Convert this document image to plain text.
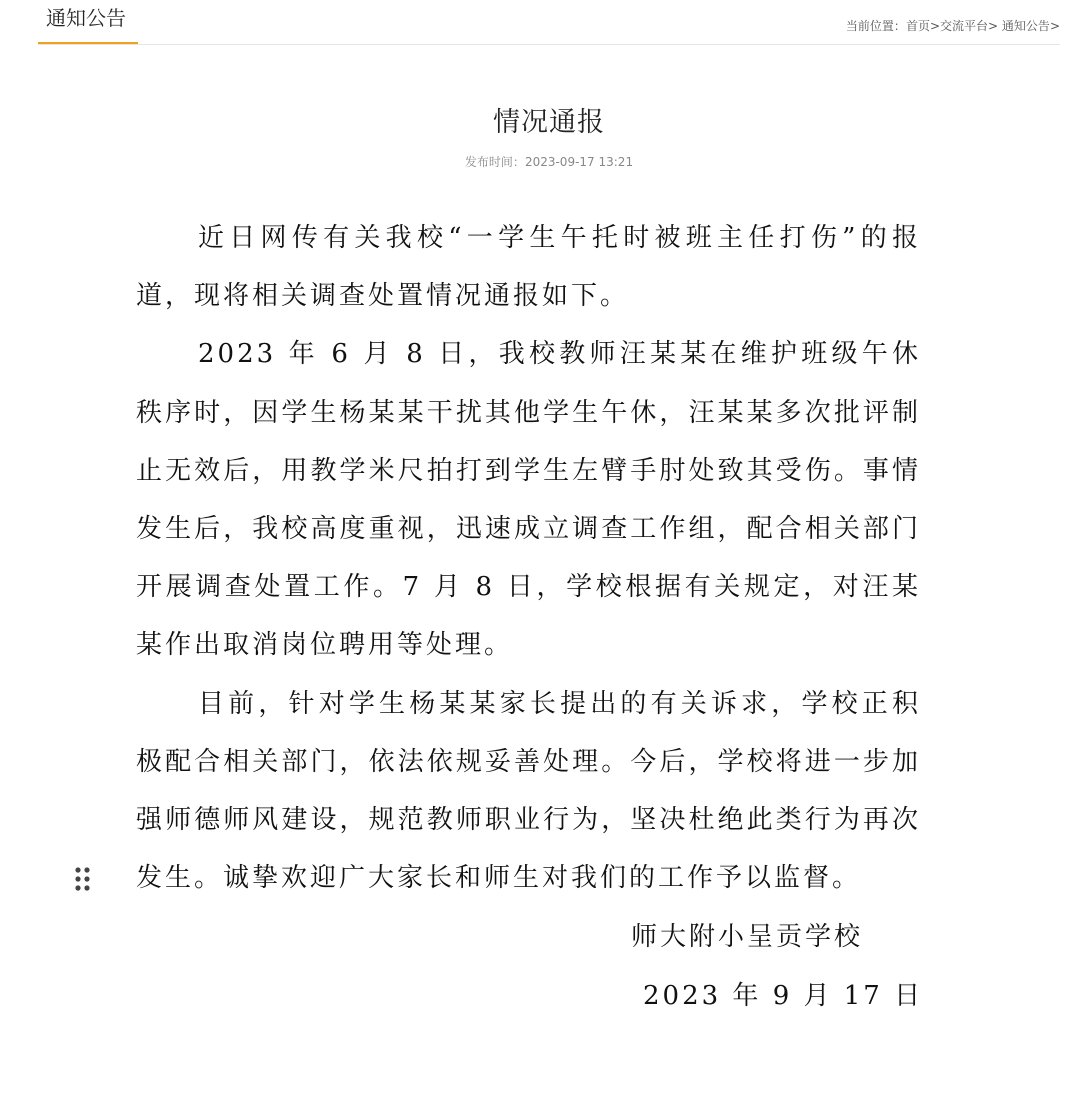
通知公告	当前位置：首页>交流平台> 通知公告>
情况通报
发布时间：2023-09-17 13:21

近日网传有关我校“一学生午托时被班主任打伤”的报道，现将相关调查处置情况通报如下。

2023 年 6 月 8 日，我校教师汪某某在维护班级午休秩序时，因学生杨某某干扰其他学生午休，汪某某多次批评制止无效后，用教学米尺拍打到学生左臂手肘处致其受伤。事情发生后，我校高度重视，迅速成立调查工作组，配合相关部门开展调查处置工作。7 月 8 日，学校根据有关规定，对汪某某作出取消岗位聘用等处理。

目前，针对学生杨某某家长提出的有关诉求，学校正积极配合相关部门，依法依规妥善处理。今后，学校将进一步加强师德师风建设，规范教师职业行为，坚决杜绝此类行为再次发生。诚挚欢迎广大家长和师生对我们的工作予以监督。

师大附小呈贡学校
2023 年 9 月 17 日
